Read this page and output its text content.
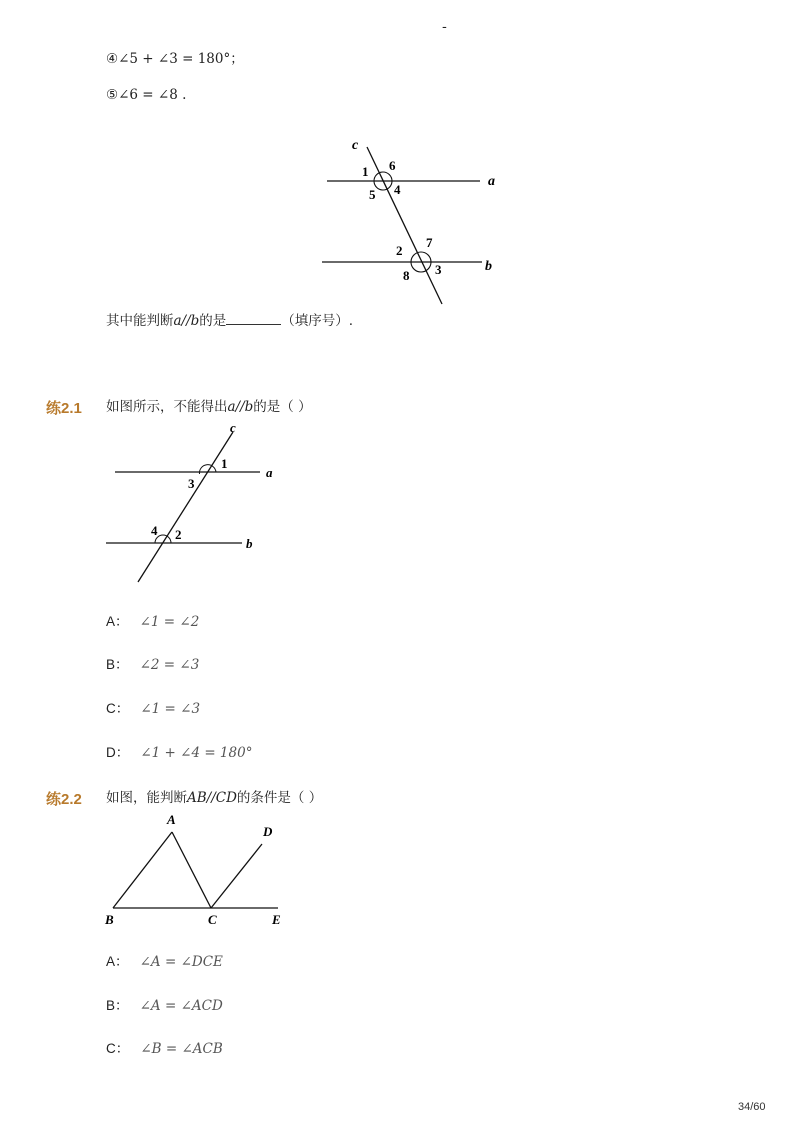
-
④∠5 + ∠3 = 180°；
⑤∠6 = ∠8 .
c
a
b
1 6
5 4
2
7
8 3
其中能判断a//b的是	（填序号）.
练2.1 如图所示，不能得出a//b的是（ ）
c
a
b
1
3
4 2
A： ∠1 = ∠2
B： ∠2 = ∠3
C： ∠1 = ∠3
D： ∠1 + ∠4 = 180°
练2.2 如图，能判断AB//CD的条件是（ ）
A
B	C
D
E
A： ∠A = ∠DCE
B： ∠A = ∠ACD
C： ∠B = ∠ACB
34/60
